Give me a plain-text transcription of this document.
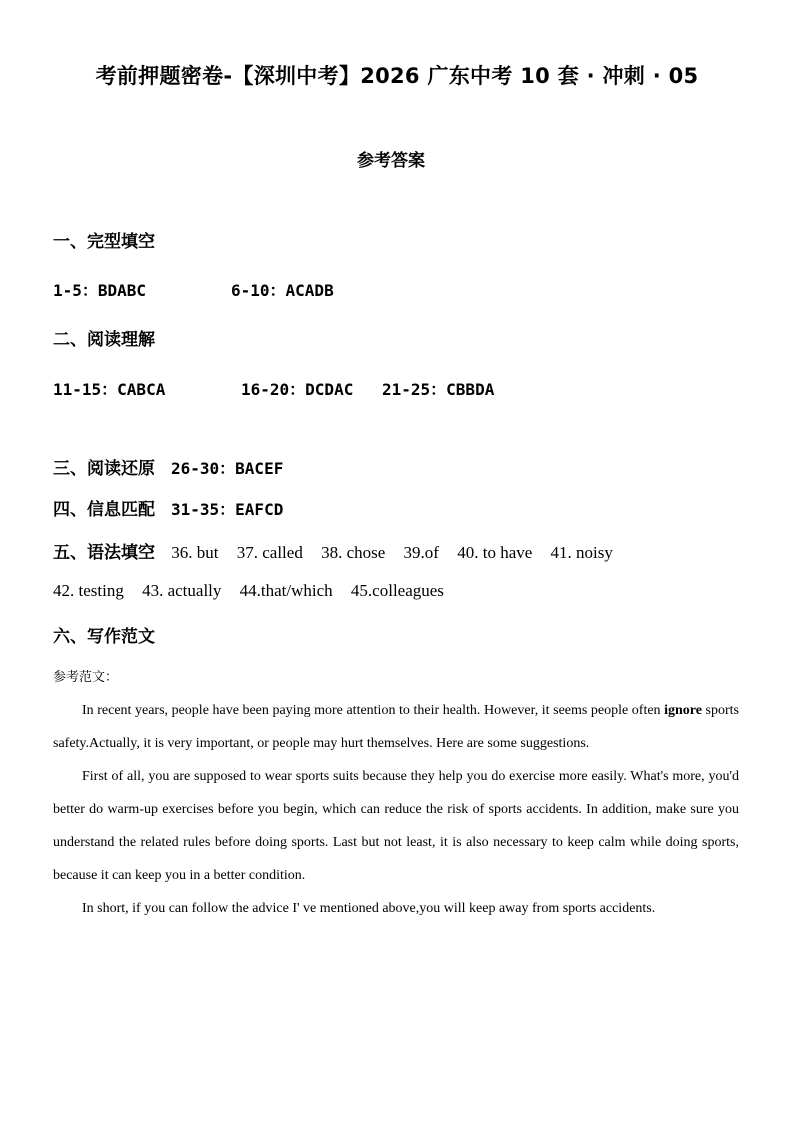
考前押题密卷-【深圳中考】2026 广东中考 10 套 · 冲刺 · 05
参考答案
一、完型填空
1-5：BDABC	6-10：ACADB
二、阅读理解
11-15：CABCA	16-20：DCDAC 21-25：CBBDA
三、阅读还原 26-30：BACEF
四、信息匹配 31-35：EAFCD
五、语法填空 36. but 37. called 38. chose 39.of 40. to have 41. noisy
42. testing 43. actually 44.that/which 45.colleagues
六、写作范文
参考范文：

In recent years, people have been paying more attention to their health. However, it seems people often ignore sports safety.Actually, it is very important, or people may hurt themselves. Here are some suggestions.

First of all, you are supposed to wear sports suits because they help you do exercise more easily. What's more, you'd better do warm-up exercises before you begin, which can reduce the risk of sports accidents. In addition, make sure you understand the related rules before doing sports. Last but not least, it is also necessary to keep calm while doing sports, because it can keep you in a better condition.

In short, if you can follow the advice I' ve mentioned above,you will keep away from sports accidents.
